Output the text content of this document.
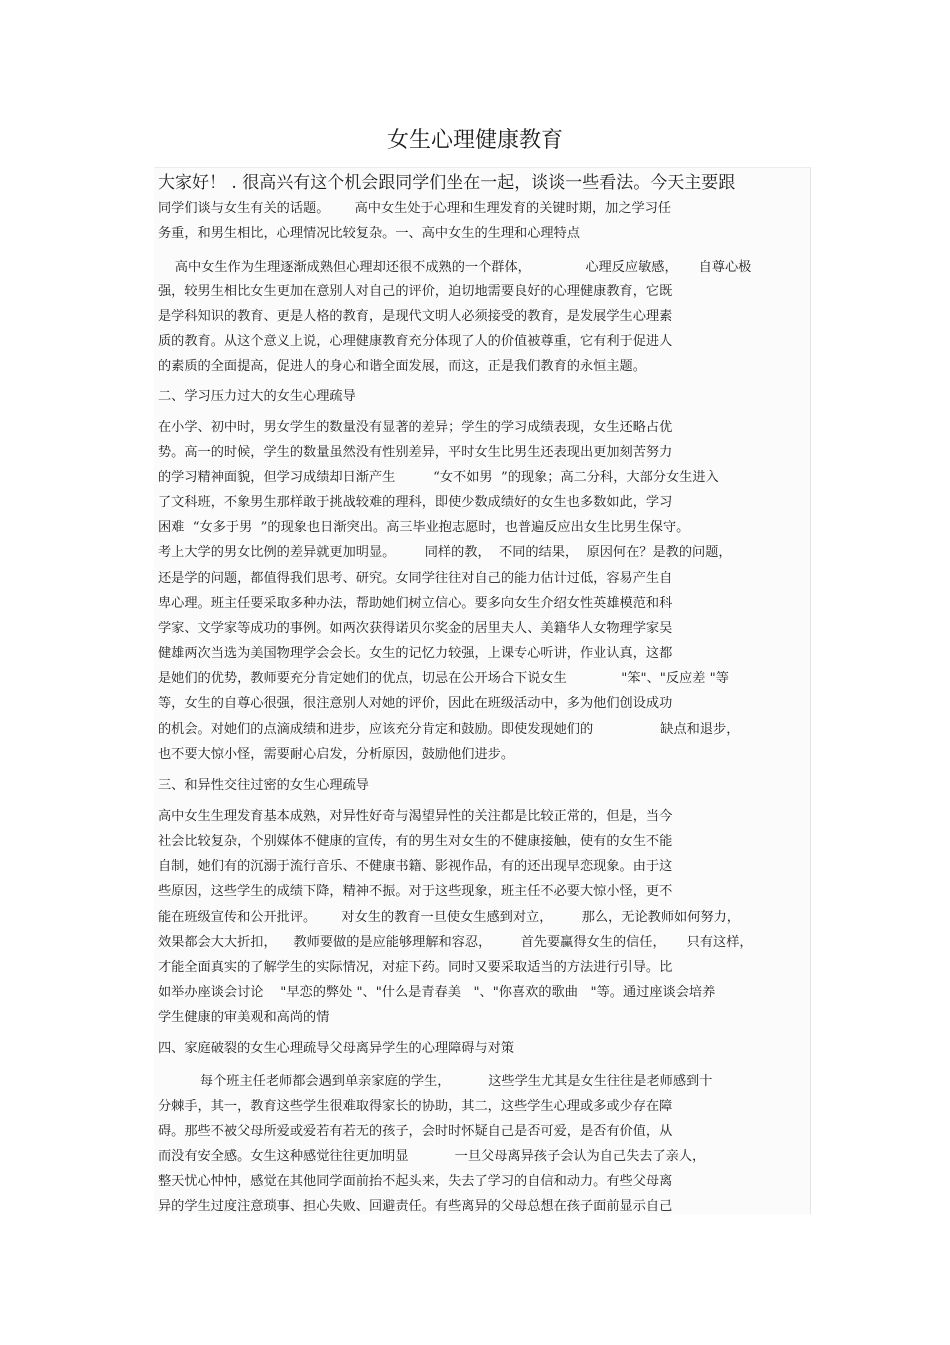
女生心理健康教育
大家好！ . 很高兴有这个机会跟同学们坐在一起，谈谈一些看法。今天主要跟
同学们谈与女生有关的话题。      高中女生处于心理和生理发育的关键时期，加之学习任
务重，和男生相比，心理情况比较复杂。一、高中女生的生理和心理特点
高中女生作为生理逐渐成熟但心理却还很不成熟的一个群体，             心理反应敏感，     自尊心极
强，较男生相比女生更加在意别人对自己的评价，迫切地需要良好的心理健康教育，它既
是学科知识的教育、更是人格的教育，是现代文明人必须接受的教育，是发展学生心理素
质的教育。从这个意义上说，心理健康教育充分体现了人的价值被尊重，它有利于促进人
的素质的全面提高，促进人的身心和谐全面发展，而这，正是我们教育的永恒主题。
二、学习压力过大的女生心理疏导
在小学、初中时，男女学生的数量没有显著的差异；学生的学习成绩表现，女生还略占优
势。高一的时候，学生的数量虽然没有性别差异，平时女生比男生还表现出更加刻苦努力
的学习精神面貌，但学习成绩却日渐产生         “女不如男  ”的现象；高二分科，大部分女生进入
了文科班，不象男生那样敢于挑战较难的理科，即使少数成绩好的女生也多数如此，学习
困难  “女多于男  ”的现象也日渐突出。高三毕业抱志愿时，也普遍反应出女生比男生保守。
考上大学的男女比例的差异就更加明显。       同样的教，  不同的结果，  原因何在？是教的问题，
还是学的问题，都值得我们思考、研究。女同学往往对自己的能力估计过低，容易产生自
卑心理。班主任要采取多种办法，帮助她们树立信心。要多向女生介绍女性英雄模范和科
学家、文学家等成功的事例。如两次获得诺贝尔奖金的居里夫人、美籍华人女物理学家吴
健雄两次当选为美国物理学会会长。女生的记忆力较强，上课专心听讲，作业认真，这都
是她们的优势，教师要充分肯定她们的优点，切忌在公开场合下说女生             "笨"、"反应差 "等
等，女生的自尊心很强，很注意别人对她的评价，因此在班级活动中，多为他们创设成功
的机会。对她们的点滴成绩和进步，应该充分肯定和鼓励。即使发现她们的                缺点和退步，
也不要大惊小怪，需要耐心启发，分析原因，鼓励他们进步。
三、和异性交往过密的女生心理疏导
高中女生生理发育基本成熟，对异性好奇与渴望异性的关注都是比较正常的，但是，当今
社会比较复杂，个别媒体不健康的宣传，有的男生对女生的不健康接触，使有的女生不能
自制，她们有的沉溺于流行音乐、不健康书籍、影视作品，有的还出现早恋现象。由于这
些原因，这些学生的成绩下降，精神不振。对于这些现象，班主任不必要大惊小怪，更不
能在班级宣传和公开批评。      对女生的教育一旦使女生感到对立，       那么，无论教师如何努力，
效果都会大大折扣，    教师要做的是应能够理解和容忍，       首先要赢得女生的信任，     只有这样，
才能全面真实的了解学生的实际情况，对症下药。同时又要采取适当的方法进行引导。比
如举办座谈会讨论    "早恋的弊处 "、"什么是青春美   "、"你喜欢的歌曲   "等。通过座谈会培养
学生健康的审美观和高尚的情
四、家庭破裂的女生心理疏导父母离异学生的心理障碍与对策
每个班主任老师都会遇到单亲家庭的学生，         这些学生尤其是女生往往是老师感到十
分棘手，其一，教育这些学生很难取得家长的协助，其二，这些学生心理或多或少存在障
碍。那些不被父母所爱或爱若有若无的孩子，会时时怀疑自己是否可爱，是否有价值，从
而没有安全感。女生这种感觉往往更加明显           一旦父母离异孩子会认为自己失去了亲人，
整天忧心忡忡，感觉在其他同学面前抬不起头来，失去了学习的自信和动力。有些父母离
异的学生过度注意琐事、担心失败、回避责任。有些离异的父母总想在孩子面前显示自己
